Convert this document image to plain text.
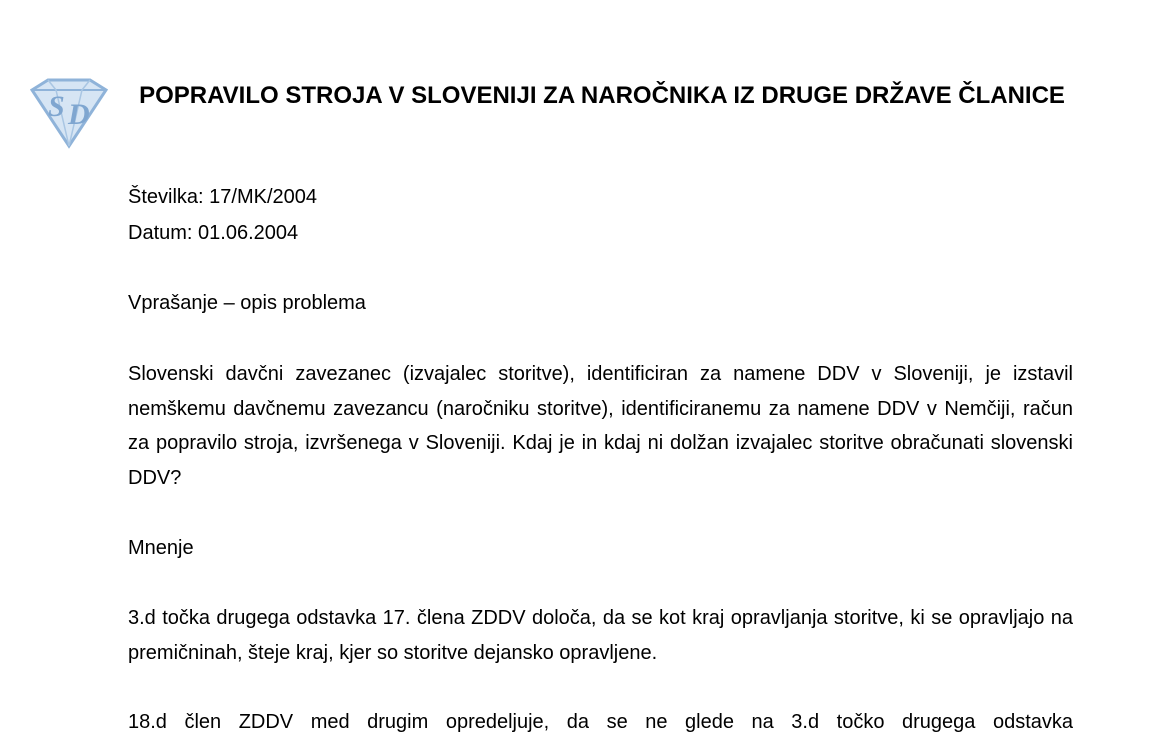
S D
POPRAVILO STROJA V SLOVENIJI ZA NAROČNIKA IZ DRUGE DRŽAVE ČLANICE

Številka: 17/MK/2004

Datum: 01.06.2004

Vprašanje – opis problema

Slovenski davčni zavezanec (izvajalec storitve), identificiran za namene DDV v Sloveniji, je izstavil nemškemu davčnemu zavezancu (naročniku storitve), identificiranemu za namene DDV v Nemčiji, račun za popravilo stroja, izvršenega v Sloveniji. Kdaj je in kdaj ni dolžan izvajalec storitve obračunati slovenski DDV?

Mnenje

3.d točka drugega odstavka 17. člena ZDDV določa, da se kot kraj opravljanja storitve, ki se opravljajo na premičninah, šteje kraj, kjer so storitve dejansko opravljene.

18.d člen ZDDV med drugim opredeljuje, da se ne glede na 3.d točko drugega odstavka
